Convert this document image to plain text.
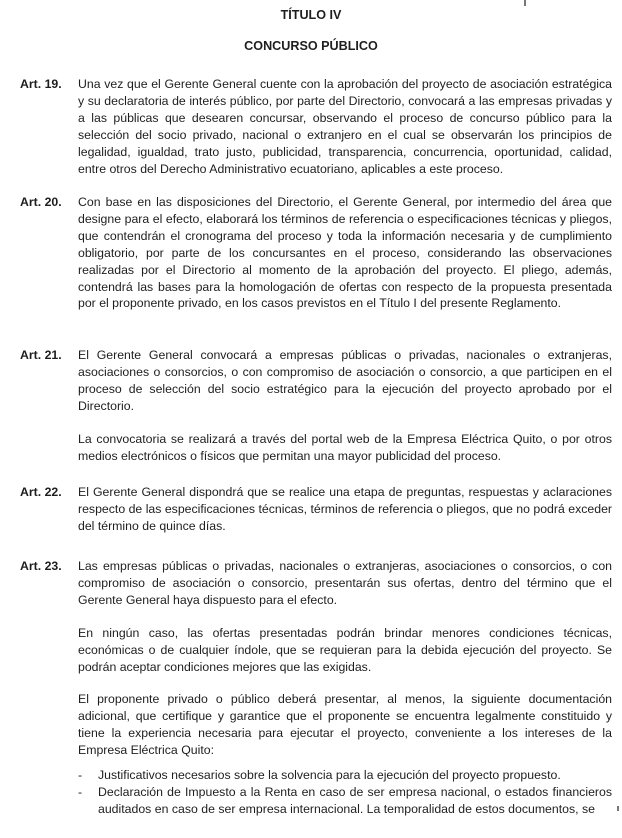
TÍTULO IV
CONCURSO PÚBLICO
Art. 19.	Una vez que el Gerente General cuente con la aprobación del proyecto de asociación estratégica y su declaratoria de interés público, por parte del Directorio, convocará a las empresas privadas y a las públicas que desearen concursar, observando el proceso de concurso público para la selección del socio privado, nacional o extranjero en el cual se observarán los principios de legalidad, igualdad, trato justo, publicidad, transparencia, concurrencia, oportunidad, calidad, entre otros del Derecho Administrativo ecuatoriano, aplicables a este proceso.

Art. 20.	Con base en las disposiciones del Directorio, el Gerente General, por intermedio del área que designe para el efecto, elaborará los términos de referencia o especificaciones técnicas y pliegos, que contendrán el cronograma del proceso y toda la información necesaria y de cumplimiento obligatorio, por parte de los concursantes en el proceso, considerando las observaciones realizadas por el Directorio al momento de la aprobación del proyecto. El pliego, además, contendrá las bases para la homologación de ofertas con respecto de la propuesta presentada por el proponente privado, en los casos previstos en el Título I del presente Reglamento.

Art. 21.	El Gerente General convocará a empresas públicas o privadas, nacionales o extranjeras, asociaciones o consorcios, o con compromiso de asociación o consorcio, a que participen en el proceso de selección del socio estratégico para la ejecución del proyecto aprobado por el Directorio.

La convocatoria se realizará a través del portal web de la Empresa Eléctrica Quito, o por otros medios electrónicos o físicos que permitan una mayor publicidad del proceso.

Art. 22.	El Gerente General dispondrá que se realice una etapa de preguntas, respuestas y aclaraciones respecto de las especificaciones técnicas, términos de referencia o pliegos, que no podrá exceder del término de quince días.

Art. 23.	Las empresas públicas o privadas, nacionales o extranjeras, asociaciones o consorcios, o con compromiso de asociación o consorcio, presentarán sus ofertas, dentro del término que el Gerente General haya dispuesto para el efecto.

En ningún caso, las ofertas presentadas podrán brindar menores condiciones técnicas, económicas o de cualquier índole, que se requieran para la debida ejecución del proyecto. Se podrán aceptar condiciones mejores que las exigidas.

El proponente privado o público deberá presentar, al menos, la siguiente documentación adicional, que certifique y garantice que el proponente se encuentra legalmente constituido y tiene la experiencia necesaria para ejecutar el proyecto, conveniente a los intereses de la Empresa Eléctrica Quito:

- Justificativos necesarios sobre la solvencia para la ejecución del proyecto propuesto.
- Declaración de Impuesto a la Renta en caso de ser empresa nacional, o estados financieros auditados en caso de ser empresa internacional. La temporalidad de estos documentos, se
